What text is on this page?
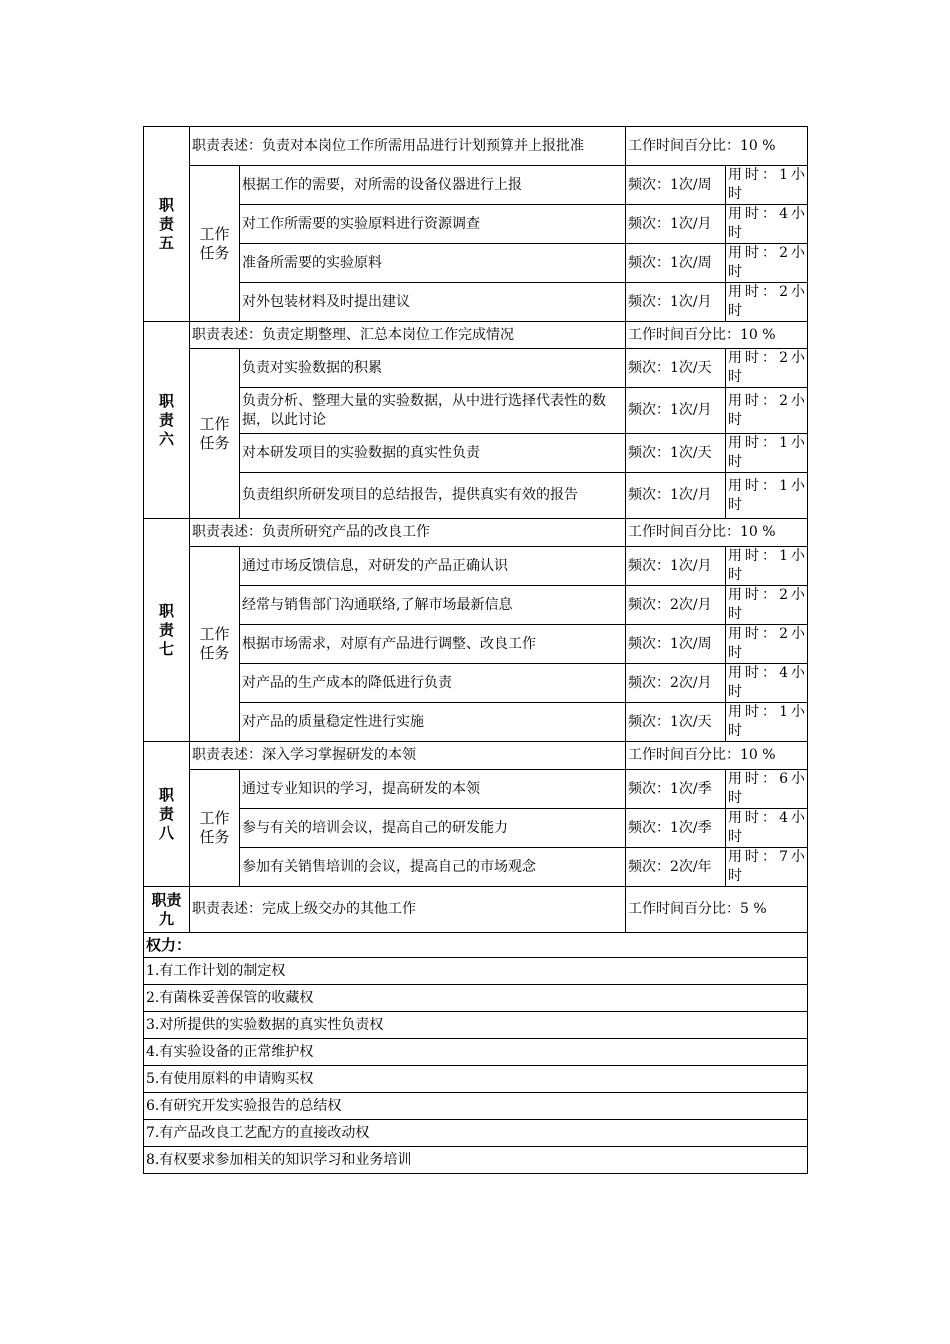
职责五	职责表述：负责对本岗位工作所需用品进行计划预算并上报批准		工作时间百分比：10 %	
	工作任务	根据工作的需要，对所需的设备仪器进行上报	频次：1次/周	用时：1小时
		对工作所需要的实验原料进行资源调查	频次：1次/月	用时：4小时
		准备所需要的实验原料	频次：1次/周	用时：2小时
		对外包装材料及时提出建议	频次：1次/月	用时：2小时
职责六	职责表述：负责定期整理、汇总本岗位工作完成情况		工作时间百分比：10 %	
	工作任务	负责对实验数据的积累	频次：1次/天	用时：2小时
		负责分析、整理大量的实验数据，从中进行选择代表性的数据，以此讨论	频次：1次/月	用时：2小时
		对本研发项目的实验数据的真实性负责	频次：1次/天	用时：1小时
		负责组织所研发项目的总结报告，提供真实有效的报告	频次：1次/月	用时：1小时
职责七	职责表述：负责所研究产品的改良工作		工作时间百分比：10 %	
	工作任务	通过市场反馈信息，对研发的产品正确认识	频次：1次/月	用时：1小时
		经常与销售部门沟通联络,了解市场最新信息	频次：2次/月	用时：2小时
		根据市场需求，对原有产品进行调整、改良工作	频次：1次/周	用时：2小时
		对产品的生产成本的降低进行负责	频次：2次/月	用时：4小时
		对产品的质量稳定性进行实施	频次：1次/天	用时：1小时
职责八	职责表述：深入学习掌握研发的本领		工作时间百分比：10 %	
	工作任务	通过专业知识的学习，提高研发的本领	频次：1次/季	用时：6小时
		参与有关的培训会议，提高自己的研发能力	频次：1次/季	用时：4小时
		参加有关销售培训的会议，提高自己的市场观念	频次：2次/年	用时：7小时
职责九	职责表述：完成上级交办的其他工作		工作时间百分比：5 %	
权力：				
1.有工作计划的制定权				
2.有菌株妥善保管的收藏权				
3.对所提供的实验数据的真实性负责权				
4.有实验设备的正常维护权				
5.有使用原料的申请购买权				
6.有研究开发实验报告的总结权				
7.有产品改良工艺配方的直接改动权				
8.有权要求参加相关的知识学习和业务培训				
